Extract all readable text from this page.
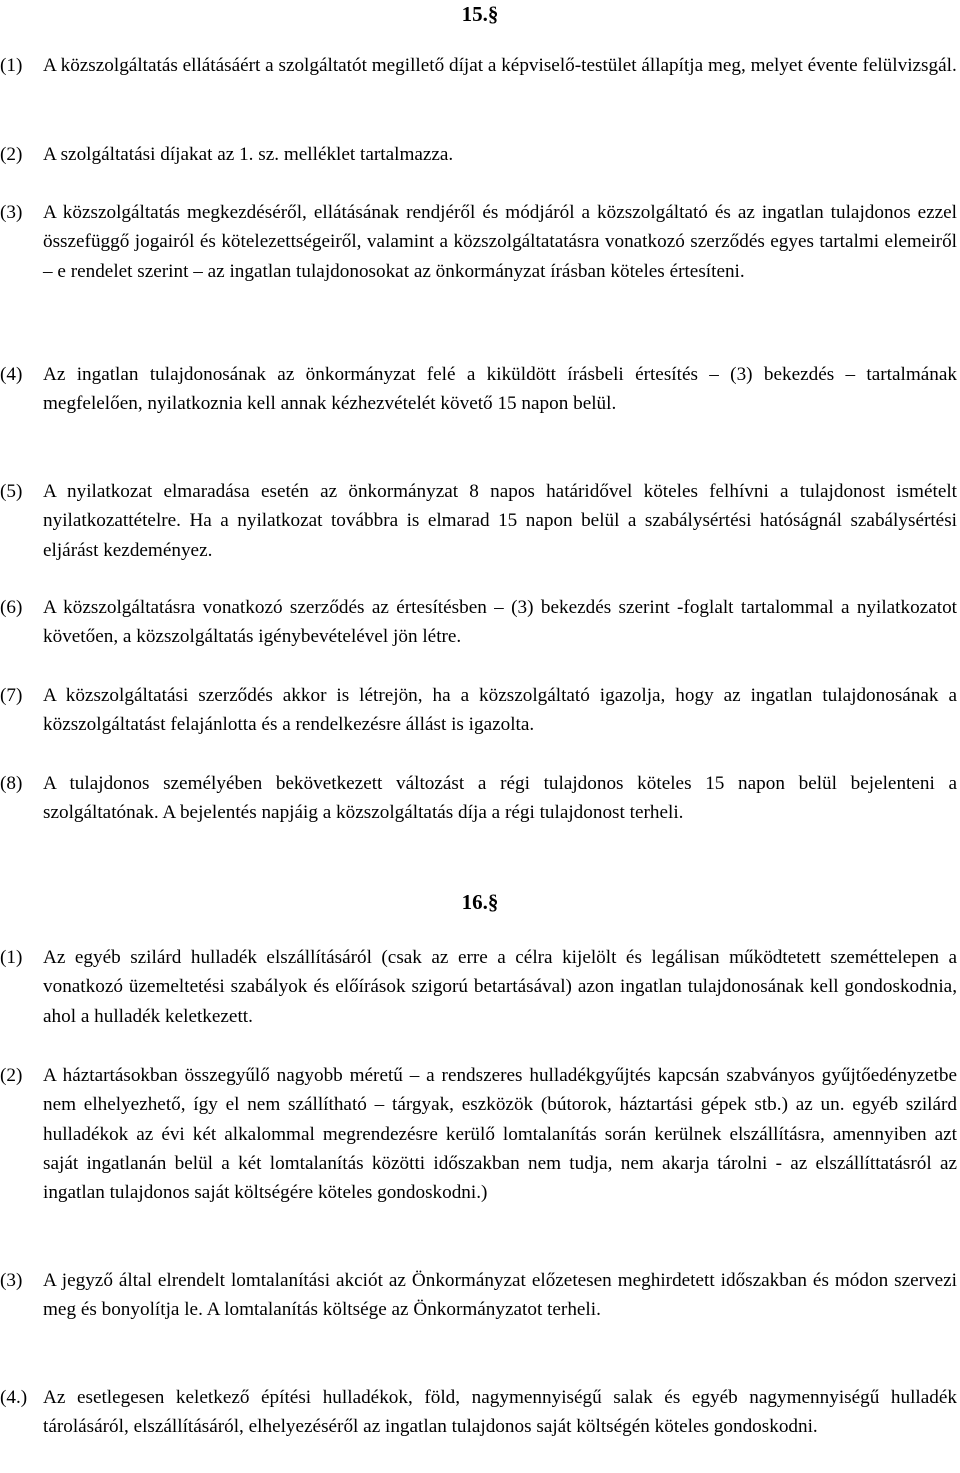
15.§
(1) A közszolgáltatás ellátásáért a szolgáltatót megillető díjat a képviselő-testület állapítja meg, melyet évente felülvizsgál.
(2) A szolgáltatási díjakat az 1. sz. melléklet tartalmazza.
(3) A közszolgáltatás megkezdéséről, ellátásának rendjéről és módjáról a közszolgáltató és az ingatlan tulajdonos ezzel összefüggő jogairól és kötelezettségeiről, valamint a közszolgáltatatásra vonatkozó szerződés egyes tartalmi elemeiről – e rendelet szerint – az ingatlan tulajdonosokat az önkormányzat írásban köteles értesíteni.
(4) Az ingatlan tulajdonosának az önkormányzat felé a kiküldött írásbeli értesítés – (3) bekezdés – tartalmának megfelelően, nyilatkoznia kell annak kézhezvételét követő 15 napon belül.
(5) A nyilatkozat elmaradása esetén az önkormányzat 8 napos határidővel köteles felhívni a tulajdonost ismételt nyilatkozattételre. Ha a nyilatkozat továbbra is elmarad 15 napon belül a szabálysértési hatóságnál szabálysértési eljárást kezdeményez.
(6) A közszolgáltatásra vonatkozó szerződés az értesítésben – (3) bekezdés szerint -foglalt tartalommal a nyilatkozatot követően, a közszolgáltatás igénybevételével jön létre.
(7) A közszolgáltatási szerződés akkor is létrejön, ha a közszolgáltató igazolja, hogy az ingatlan tulajdonosának a közszolgáltatást felajánlotta és a rendelkezésre állást is igazolta.
(8) A tulajdonos személyében bekövetkezett változást a régi tulajdonos köteles 15 napon belül bejelenteni a szolgáltatónak. A bejelentés napjáig a közszolgáltatás díja a régi tulajdonost terheli.
16.§
(1) Az egyéb szilárd hulladék elszállításáról (csak az erre a célra kijelölt és legálisan működtetett szeméttelepen a vonatkozó üzemeltetési szabályok és előírások szigorú betartásával) azon ingatlan tulajdonosának kell gondoskodnia, ahol a hulladék keletkezett.
(2) A háztartásokban összegyűlő nagyobb méretű – a rendszeres hulladékgyűjtés kapcsán szabványos gyűjtőedényzetbe nem elhelyezhető, így el nem szállítható – tárgyak, eszközök (bútorok, háztartási gépek stb.) az un. egyéb szilárd hulladékok az évi két alkalommal megrendezésre kerülő lomtalanítás során kerülnek elszállításra, amennyiben azt saját ingatlanán belül a két lomtalanítás közötti időszakban nem tudja, nem akarja tárolni - az elszállíttatásról az ingatlan tulajdonos saját költségére köteles gondoskodni.)
(3) A jegyző által elrendelt lomtalanítási akciót az Önkormányzat előzetesen meghirdetett időszakban és módon szervezi meg és bonyolítja le. A lomtalanítás költsége az Önkormányzatot terheli.
(4.) Az esetlegesen keletkező építési hulladékok, föld, nagymennyiségű salak és egyéb nagymennyiségű hulladék tárolásáról, elszállításáról, elhelyezéséről az ingatlan tulajdonos saját költségén köteles gondoskodni.
